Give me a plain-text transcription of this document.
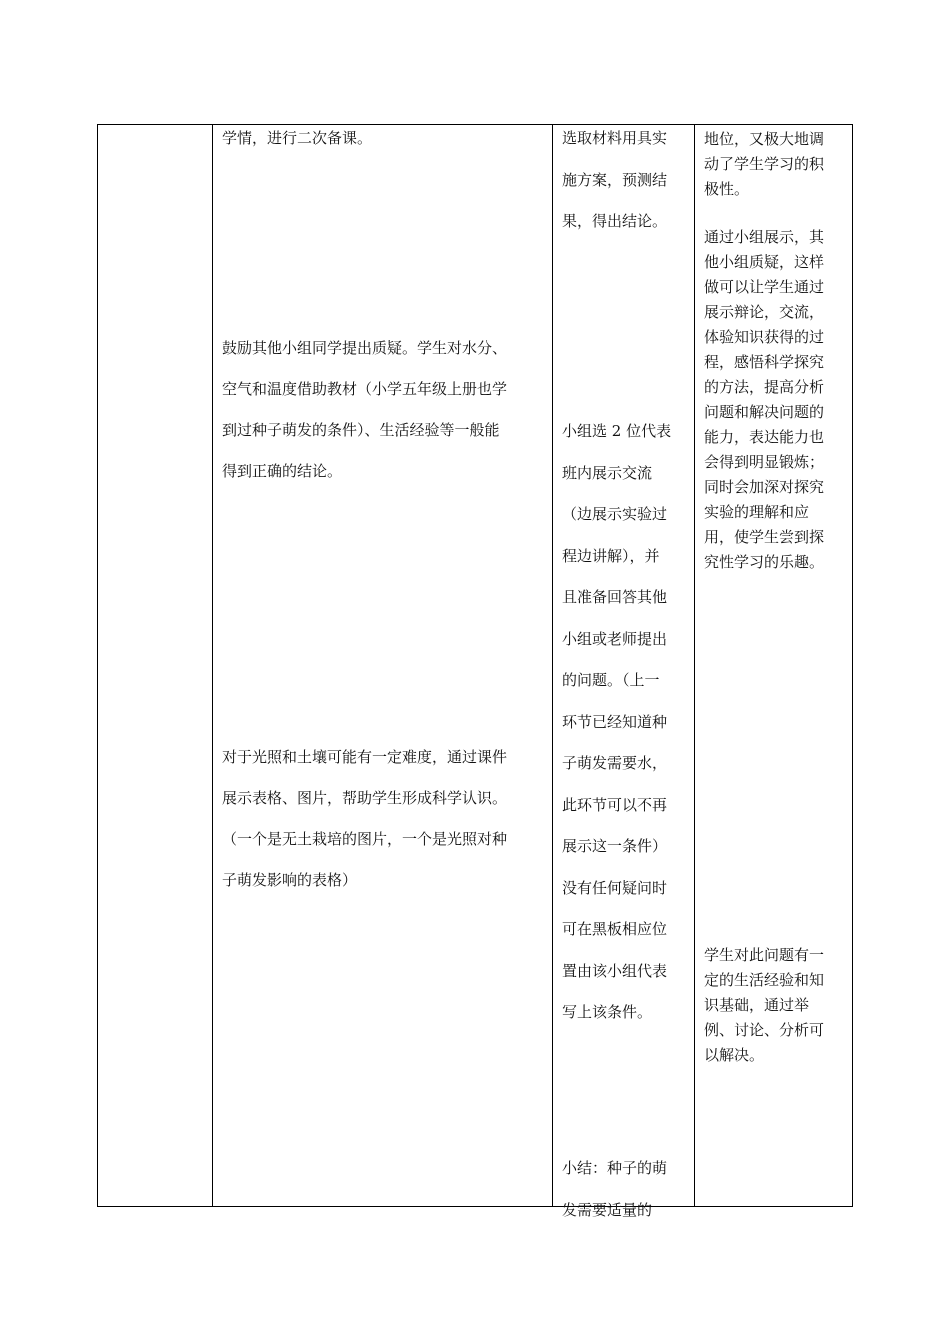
学情，进行二次备课。

鼓励其他小组同学提出质疑。学生对水分、
空气和温度借助教材（小学五年级上册也学
到过种子萌发的条件）、生活经验等一般能
得到正确的结论。

对于光照和土壤可能有一定难度，通过课件
展示表格、图片，帮助学生形成科学认识。
（一个是无土栽培的图片，一个是光照对种
子萌发影响的表格）

选取材料用具实
施方案，预测结
果，得出结论。

小组选 2 位代表
班内展示交流
（边展示实验过
程边讲解），并
且准备回答其他
小组或老师提出
的问题。（上一
环节已经知道种
子萌发需要水，
此环节可以不再
展示这一条件）
没有任何疑问时
可在黑板相应位
置由该小组代表
写上该条件。

小结：种子的萌
发需要适量的

地位，又极大地调
动了学生学习的积
极性。

通过小组展示，其
他小组质疑，这样
做可以让学生通过
展示辩论，交流，
体验知识获得的过
程，感悟科学探究
的方法，提高分析
问题和解决问题的
能力，表达能力也
会得到明显锻炼；
同时会加深对探究
实验的理解和应
用，使学生尝到探
究性学习的乐趣。

学生对此问题有一
定的生活经验和知
识基础，通过举
例、讨论、分析可
以解决。
